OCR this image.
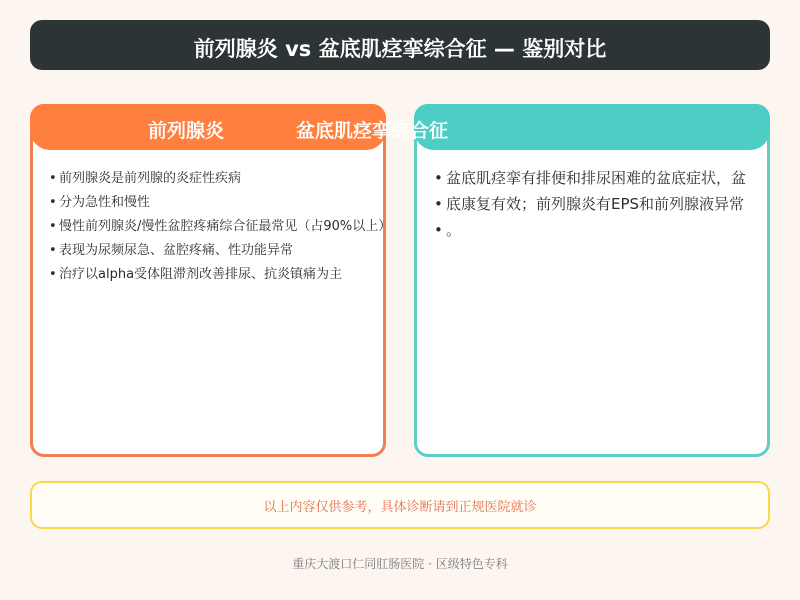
前列腺炎 vs 盆底肌痉挛综合征 — 鉴别对比
前列腺炎	盆底肌痉挛综合征
• 前列腺炎是前列腺的炎症性疾病
• 分为急性和慢性
• 慢性前列腺炎/慢性盆腔疼痛综合征最常见（占90%以上）
• 表现为尿频尿急、盆腔疼痛、性功能异常
• 治疗以alpha受体阻滞剂改善排尿、抗炎镇痛为主
• 盆底肌痉挛有排便和排尿困难的盆底症状，盆
• 底康复有效；前列腺炎有EPS和前列腺液异常
• 。
以上内容仅供参考，具体诊断请到正规医院就诊
重庆大渡口仁同肛肠医院 · 区级特色专科
